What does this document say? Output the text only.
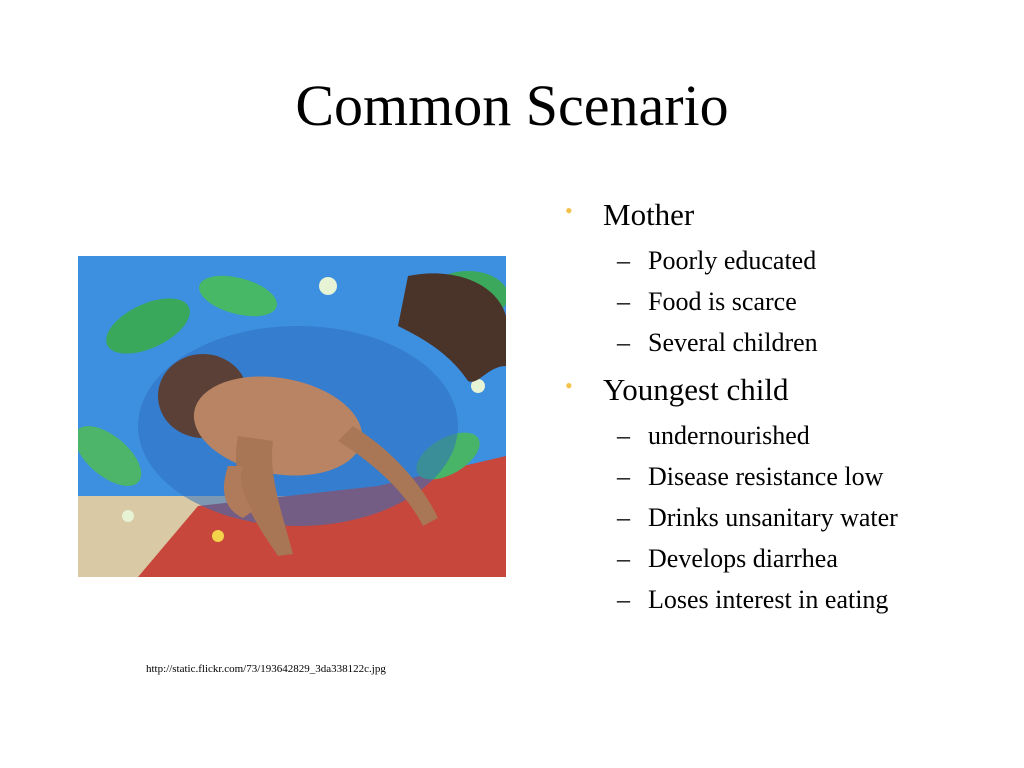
Common Scenario
http://static.flickr.com/73/193642829_3da338122c.jpg
• Mother
– Poorly educated
– Food is scarce
– Several children
• Youngest child
– undernourished
– Disease resistance low
– Drinks unsanitary water
– Develops diarrhea
– Loses interest in eating
